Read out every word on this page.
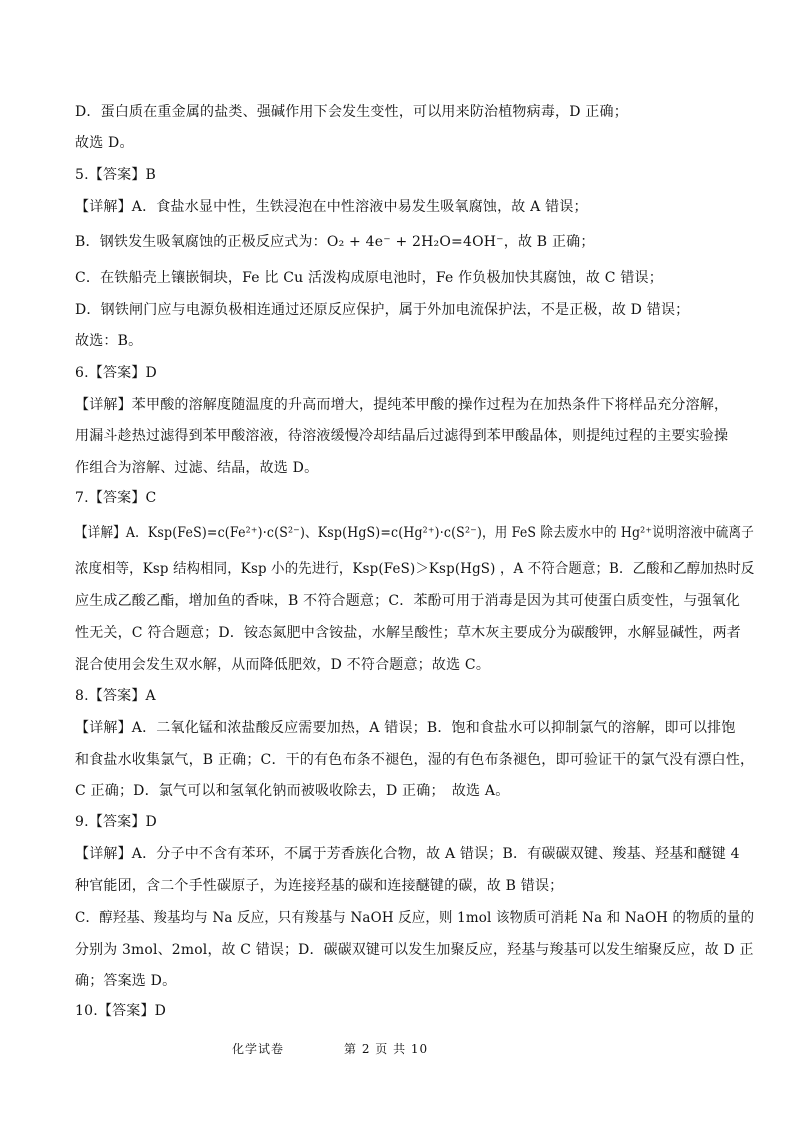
D．蛋白质在重金属的盐类、强碱作用下会发生变性，可以用来防治植物病毒，D 正确；
故选 D。
5.【答案】B
【详解】A．食盐水显中性，生铁浸泡在中性溶液中易发生吸氧腐蚀，故 A 错误；
B．钢铁发生吸氧腐蚀的正极反应式为：O₂ + 4e⁻ + 2H₂O=4OH⁻，故 B 正确；
C．在铁船壳上镶嵌铜块，Fe 比 Cu 活泼构成原电池时，Fe 作负极加快其腐蚀，故 C 错误；
D．钢铁闸门应与电源负极相连通过还原反应保护，属于外加电流保护法，不是正极，故 D 错误；
故选：B。
6.【答案】D
【详解】苯甲酸的溶解度随温度的升高而增大，提纯苯甲酸的操作过程为在加热条件下将样品充分溶解，
用漏斗趁热过滤得到苯甲酸溶液，待溶液缓慢冷却结晶后过滤得到苯甲酸晶体，则提纯过程的主要实验操
作组合为溶解、过滤、结晶，故选 D。
7.【答案】C
【详解】A．Ksp(FeS)=c(Fe²⁺)·c(S²⁻)、Ksp(HgS)=c(Hg²⁺)·c(S²⁻)，用 FeS 除去废水中的 Hg²⁺说明溶液中硫离子
浓度相等，Ksp 结构相同，Ksp 小的先进行，Ksp(FeS)＞Ksp(HgS) ，A 不符合题意；B．乙酸和乙醇加热时反
应生成乙酸乙酯，增加鱼的香味，B 不符合题意；C．苯酚可用于消毒是因为其可使蛋白质变性，与强氧化
性无关，C 符合题意；D．铵态氮肥中含铵盐，水解呈酸性；草木灰主要成分为碳酸钾，水解显碱性，两者
混合使用会发生双水解，从而降低肥效，D 不符合题意；故选 C。
8.【答案】A
【详解】A．二氧化锰和浓盐酸反应需要加热，A 错误；B．饱和食盐水可以抑制氯气的溶解，即可以排饱
和食盐水收集氯气，B 正确；C．干的有色布条不褪色，湿的有色布条褪色，即可验证干的氯气没有漂白性，
C 正确；D．氯气可以和氢氧化钠而被吸收除去，D 正确；　故选 A。
9.【答案】D
【详解】A．分子中不含有苯环，不属于芳香族化合物，故 A 错误；B．有碳碳双键、羧基、羟基和醚键 4
种官能团，含二个手性碳原子，为连接羟基的碳和连接醚键的碳，故 B 错误；
C．醇羟基、羧基均与 Na 反应，只有羧基与 NaOH 反应，则 1mol 该物质可消耗 Na 和 NaOH 的物质的量的
分别为 3mol、2mol，故 C 错误；D．碳碳双键可以发生加聚反应，羟基与羧基可以发生缩聚反应，故 D 正
确；答案选 D。
10.【答案】D
化学试卷	第 2 页 共 10
